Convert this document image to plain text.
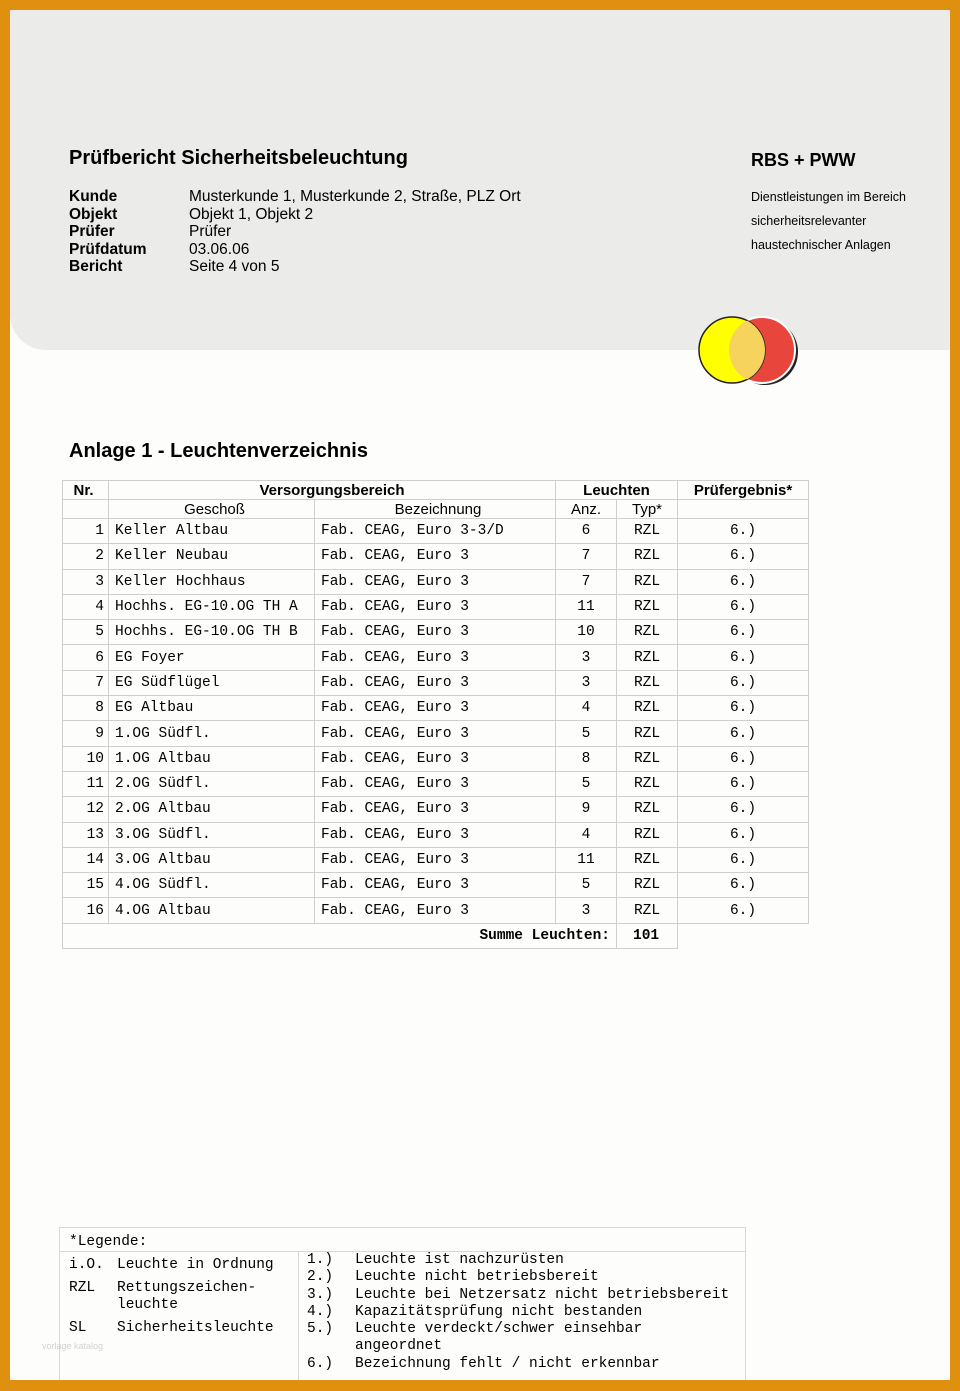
Prüfbericht Sicherheitsbeleuchtung
Kunde	Musterkunde 1, Musterkunde 2, Straße, PLZ Ort
Objekt	Objekt 1, Objekt 2
Prüfer	Prüfer
Prüfdatum	03.06.06
Bericht	Seite 4 von 5
RBS + PWW
Dienstleistungen im Bereich
sicherheitsrelevanter
haustechnischer Anlagen
Anlage 1 - Leuchtenverzeichnis
Nr.	Versorgungsbereich		Leuchten		Prüfergebnis*
	Geschoß	Bezeichnung	Anz.	Typ*	
1	Keller Altbau	Fab. CEAG, Euro 3-3/D	6	RZL	6.)
2	Keller Neubau	Fab. CEAG, Euro 3	7	RZL	6.)
3	Keller Hochhaus	Fab. CEAG, Euro 3	7	RZL	6.)
4	Hochhs. EG-10.OG TH A	Fab. CEAG, Euro 3	11	RZL	6.)
5	Hochhs. EG-10.OG TH B	Fab. CEAG, Euro 3	10	RZL	6.)
6	EG Foyer	Fab. CEAG, Euro 3	3	RZL	6.)
7	EG Südflügel	Fab. CEAG, Euro 3	3	RZL	6.)
8	EG Altbau	Fab. CEAG, Euro 3	4	RZL	6.)
9	1.OG Südfl.	Fab. CEAG, Euro 3	5	RZL	6.)
10	1.OG Altbau	Fab. CEAG, Euro 3	8	RZL	6.)
11	2.OG Südfl.	Fab. CEAG, Euro 3	5	RZL	6.)
12	2.OG Altbau	Fab. CEAG, Euro 3	9	RZL	6.)
13	3.OG Südfl.	Fab. CEAG, Euro 3	4	RZL	6.)
14	3.OG Altbau	Fab. CEAG, Euro 3	11	RZL	6.)
15	4.OG Südfl.	Fab. CEAG, Euro 3	5	RZL	6.)
16	4.OG Altbau	Fab. CEAG, Euro 3	3	RZL	6.)
Summe Leuchten:				101	
*Legende:
i.O. Leuchte in Ordnung
RZL	Rettungszeichen-leuchte
SL	Sicherheitsleuchte
1.)	Leuchte ist nachzurüsten
2.)	Leuchte nicht betriebsbereit
3.)	Leuchte bei Netzersatz nicht betriebsbereit
4.)	Kapazitätsprüfung nicht bestanden
5.)	Leuchte verdeckt/schwer einsehbar angeordnet
6.)	Bezeichnung fehlt / nicht erkennbar
vorlage katalog
